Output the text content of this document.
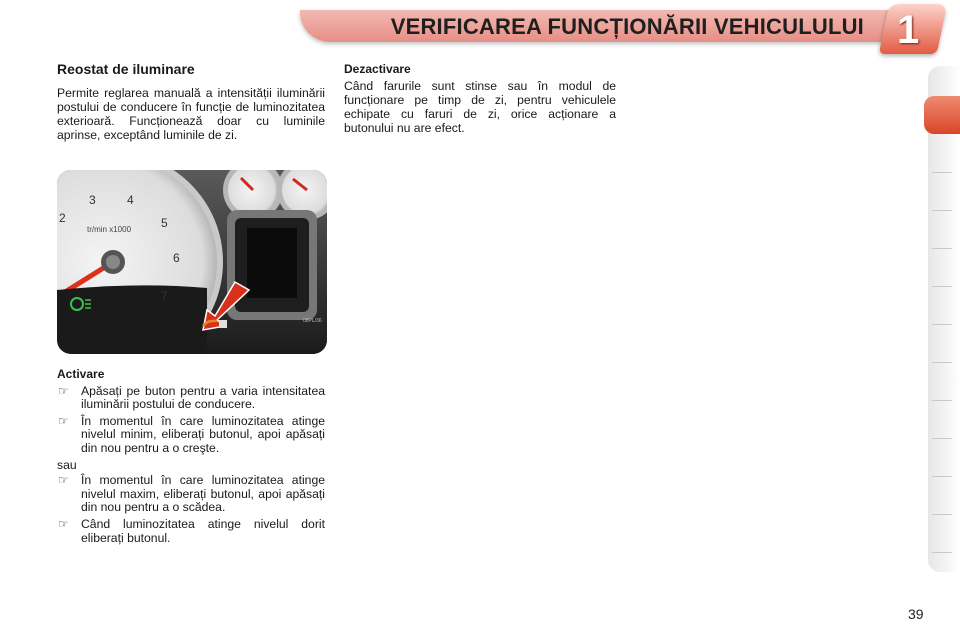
VERIFICAREA FUNCȚIONĂRII VEHICULULUI 1

Reostat de iluminare

Permite reglarea manuală a intensității iluminării postului de conducere în funcție de luminozitatea exterioară. Funcționează doar cu luminile aprinse, exceptând luminile de zi.

Dezactivare

Când farurile sunt stinse sau în modul de funcționare pe timp de zi, pentru vehiculele echipate cu faruri de zi, orice acționare a butonului nu are efect.

2
3	4
5
6
7
tr/min x1000
08PL/36

Activare

☞ Apăsați pe buton pentru a varia intensitatea iluminării postului de conducere.
☞ În momentul în care luminozitatea atinge nivelul minim, eliberați butonul, apoi apăsați din nou pentru a o creşte.

sau

☞ În momentul în care luminozitatea atinge nivelul maxim, eliberați butonul, apoi apăsați din nou pentru a o scădea.
☞ Când luminozitatea atinge nivelul dorit eliberați butonul.
39
